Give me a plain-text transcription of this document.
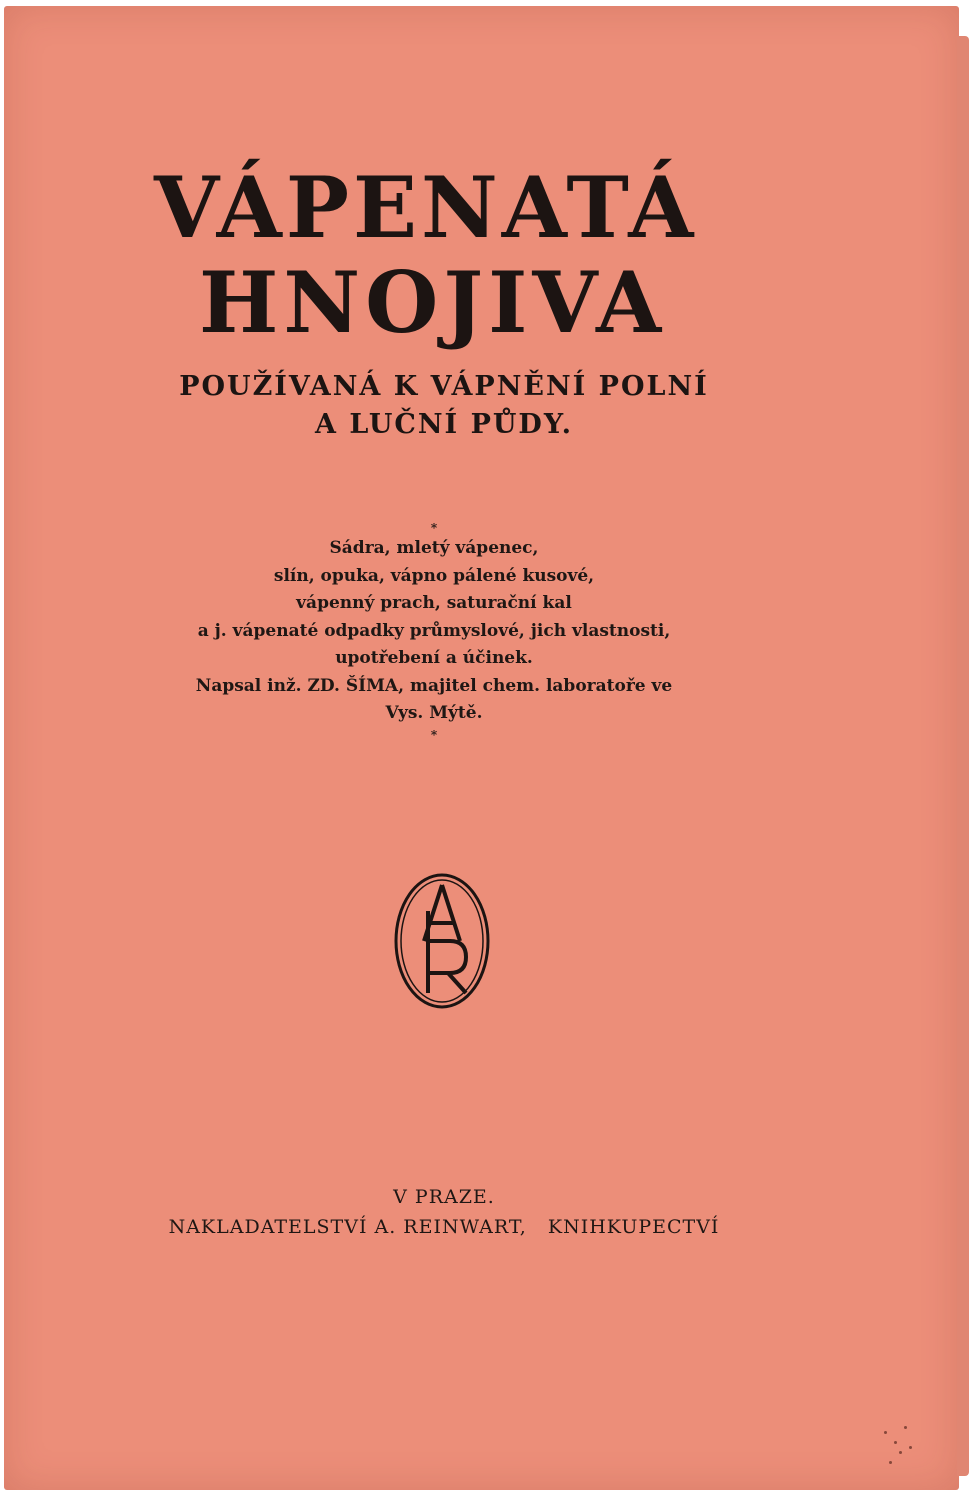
VÁPENATÁ
HNOJIVA
POUŽÍVANÁ K VÁPNĚNÍ POLNÍ
A LUČNÍ PŮDY.
*
Sádra, mletý vápenec,
slín, opuka, vápno pálené kusové,
vápenný prach, saturační kal
a j. vápenaté odpadky průmyslové, jich vlastnosti,
upotřebení a účinek.
Napsal inž. ZD. ŠÍMA, majitel chem. laboratoře ve
Vys. Mýtě.
*
V PRAZE.
NAKLADATELSTVÍ A. REINWART,   KNIHKUPECTVÍ
